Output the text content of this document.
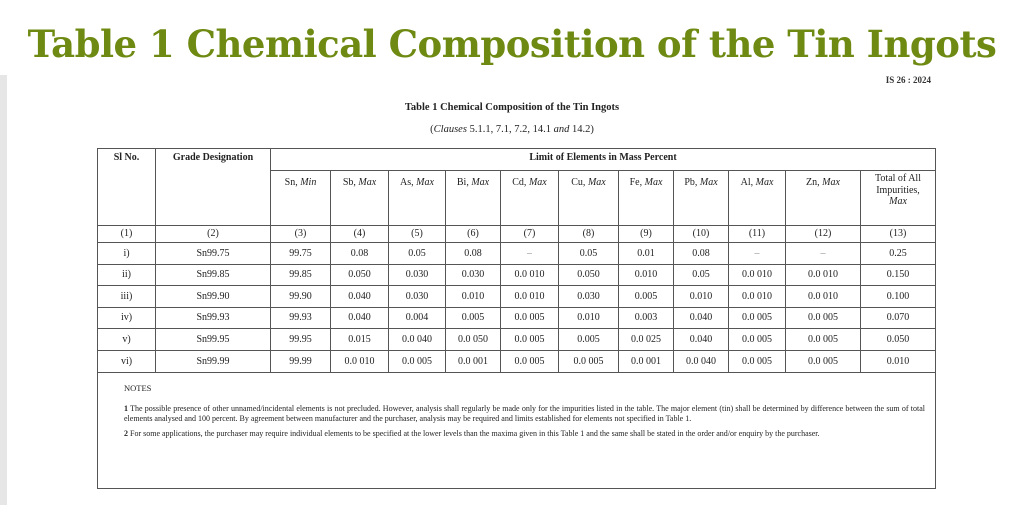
Table 1 Chemical Composition of the Tin Ingots
IS 26 : 2024
Table 1 Chemical Composition of the Tin Ingots
(Clauses 5.1.1, 7.1, 7.2, 14.1 and 14.2)
Sl No.	Grade Designation	Limit of Elements in Mass Percent										
		Sn, Min	Sb, Max	As, Max	Bi, Max	Cd, Max	Cu, Max	Fe, Max	Pb, Max	Al, Max	Zn, Max	Total of All Impurities,
Max
(1)	(2)	(3)	(4)	(5)	(6)	(7)	(8)	(9)	(10)	(11)	(12)	(13)
i)	Sn99.75	99.75	0.08	0.05	0.08	–	0.05	0.01	0.08	–	–	0.25
ii)	Sn99.85	99.85	0.050	0.030	0.030	0.0 010	0.050	0.010	0.05	0.0 010	0.0 010	0.150
iii)	Sn99.90	99.90	0.040	0.030	0.010	0.0 010	0.030	0.005	0.010	0.0 010	0.0 010	0.100
iv)	Sn99.93	99.93	0.040	0.004	0.005	0.0 005	0.010	0.003	0.040	0.0 005	0.0 005	0.070
v)	Sn99.95	99.95	0.015	0.0 040	0.0 050	0.0 005	0.005	0.0 025	0.040	0.0 005	0.0 005	0.050
vi)	Sn99.99	99.99	0.0 010	0.0 005	0.0 001	0.0 005	0.0 005	0.0 001	0.0 040	0.0 005	0.0 005	0.010

NOTES
1 The possible presence of other unnamed/incidental elements is not precluded. However, analysis shall regularly be made only for the impurities listed in the table. The major element (tin) shall be determined by difference between the sum of total elements analysed and 100 percent. By agreement between manufacturer and the purchaser, analysis may be required and limits established for elements not specified in Table 1.
2 For some applications, the purchaser may require individual elements to be specified at the lower levels than the maxima given in this Table 1 and the same shall be stated in the order and/or enquiry by the purchaser.												
